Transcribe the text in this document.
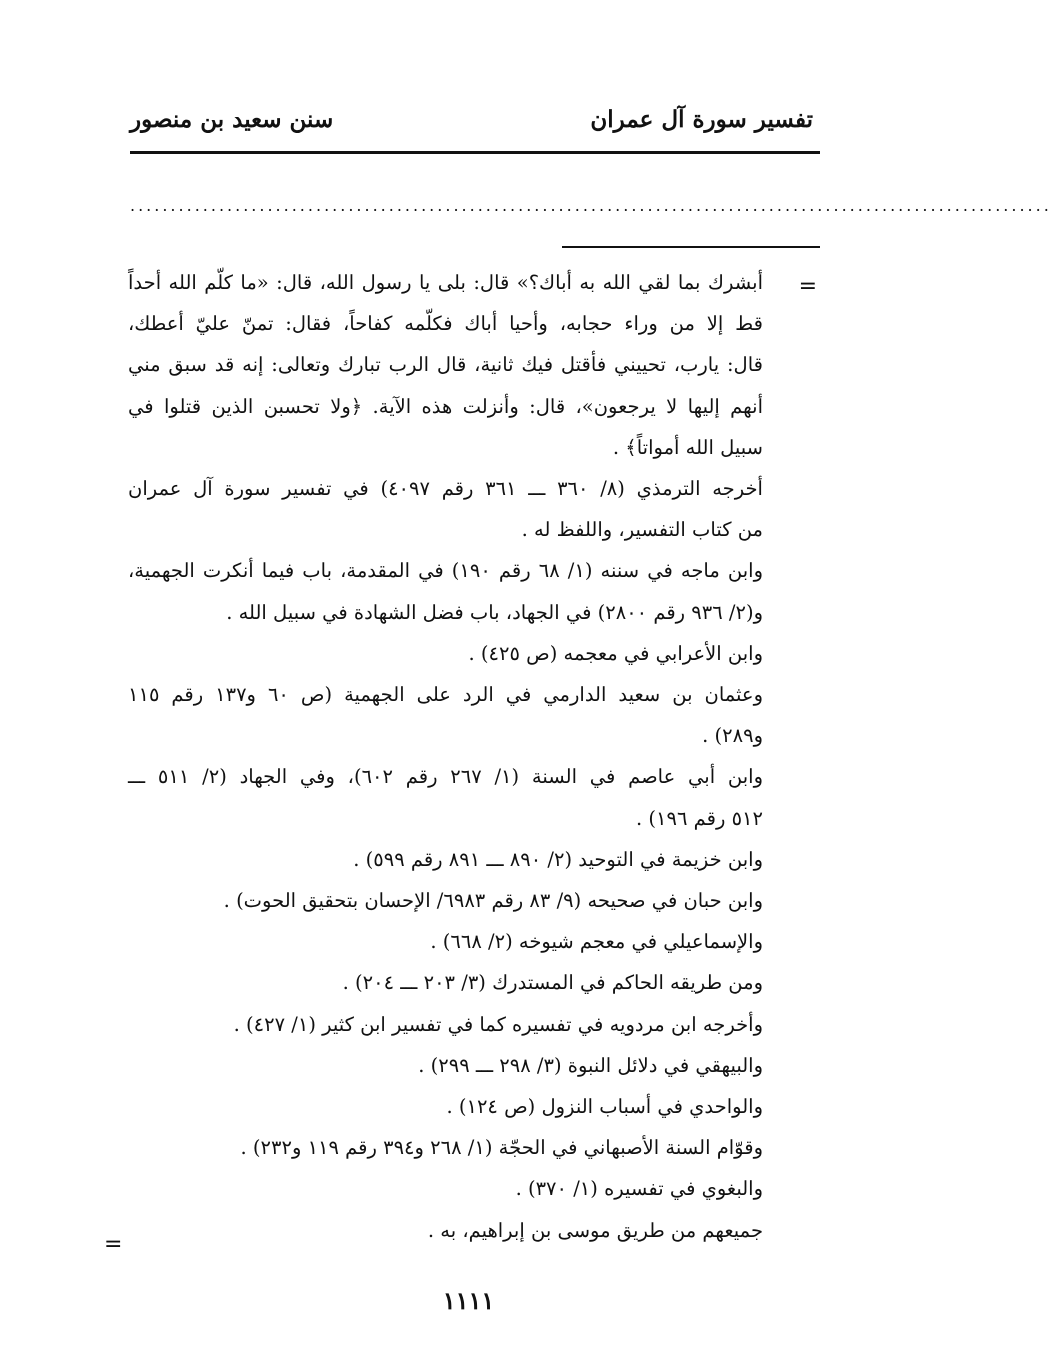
تفسير سورة آل عمران
سنن سعيد بن منصور
..................................................................................................................
=
=
أبشرك بما لقي الله به أباك؟» قال: بلى يا رسول الله، قال: «ما كلّم الله أحداً
قط إلا من وراء حجابه، وأحيا أباك فكلّمه كفاحاً، فقال: تمنّ عليّ أعطك،
قال: يارب، تحييني فأقتل فيك ثانية، قال الرب تبارك وتعالى: إنه قد سبق مني
أنهم إليها لا يرجعون»، قال: وأنزلت هذه الآية. ﴿ولا تحسبن الذين قتلوا في
سبيل الله أمواتاً﴾ .
أخرجه الترمذي (٨/ ٣٦٠ ـــ ٣٦١ رقم ٤٠٩٧) في تفسير سورة آل عمران
من كتاب التفسير، واللفظ له .
وابن ماجه في سننه (١/ ٦٨ رقم ١٩٠) في المقدمة، باب فيما أنكرت الجهمية،
و(٢/ ٩٣٦ رقم ٢٨٠٠) في الجهاد، باب فضل الشهادة في سبيل الله .
وابن الأعرابي في معجمه (ص ٤٢٥) .
وعثمان بن سعيد الدارمي في الرد على الجهمية (ص ٦٠ و١٣٧ رقم ١١٥
و٢٨٩) .
وابن أبي عاصم في السنة (١/ ٢٦٧ رقم ٦٠٢)، وفي الجهاد (٢/ ٥١١ ـــ
٥١٢ رقم ١٩٦) .
وابن خزيمة في التوحيد (٢/ ٨٩٠ ـــ ٨٩١ رقم ٥٩٩) .
وابن حبان في صحيحه (٩/ ٨٣ رقم ٦٩٨٣/ الإحسان بتحقيق الحوت) .
والإسماعيلي في معجم شيوخه (٢/ ٦٦٨) .
ومن طريقه الحاكم في المستدرك (٣/ ٢٠٣ ـــ ٢٠٤) .
وأخرجه ابن مردويه في تفسيره كما في تفسير ابن كثير (١/ ٤٢٧) .
والبيهقي في دلائل النبوة (٣/ ٢٩٨ ـــ ٢٩٩) .
والواحدي في أسباب النزول (ص ١٢٤) .
وقوّام السنة الأصبهاني في الحجّة (١/ ٢٦٨ و٣٩٤ رقم ١١٩ و٢٣٢) .
والبغوي في تفسيره (١/ ٣٧٠) .
جميعهم من طريق موسى بن إبراهيم، به .
١١١١
